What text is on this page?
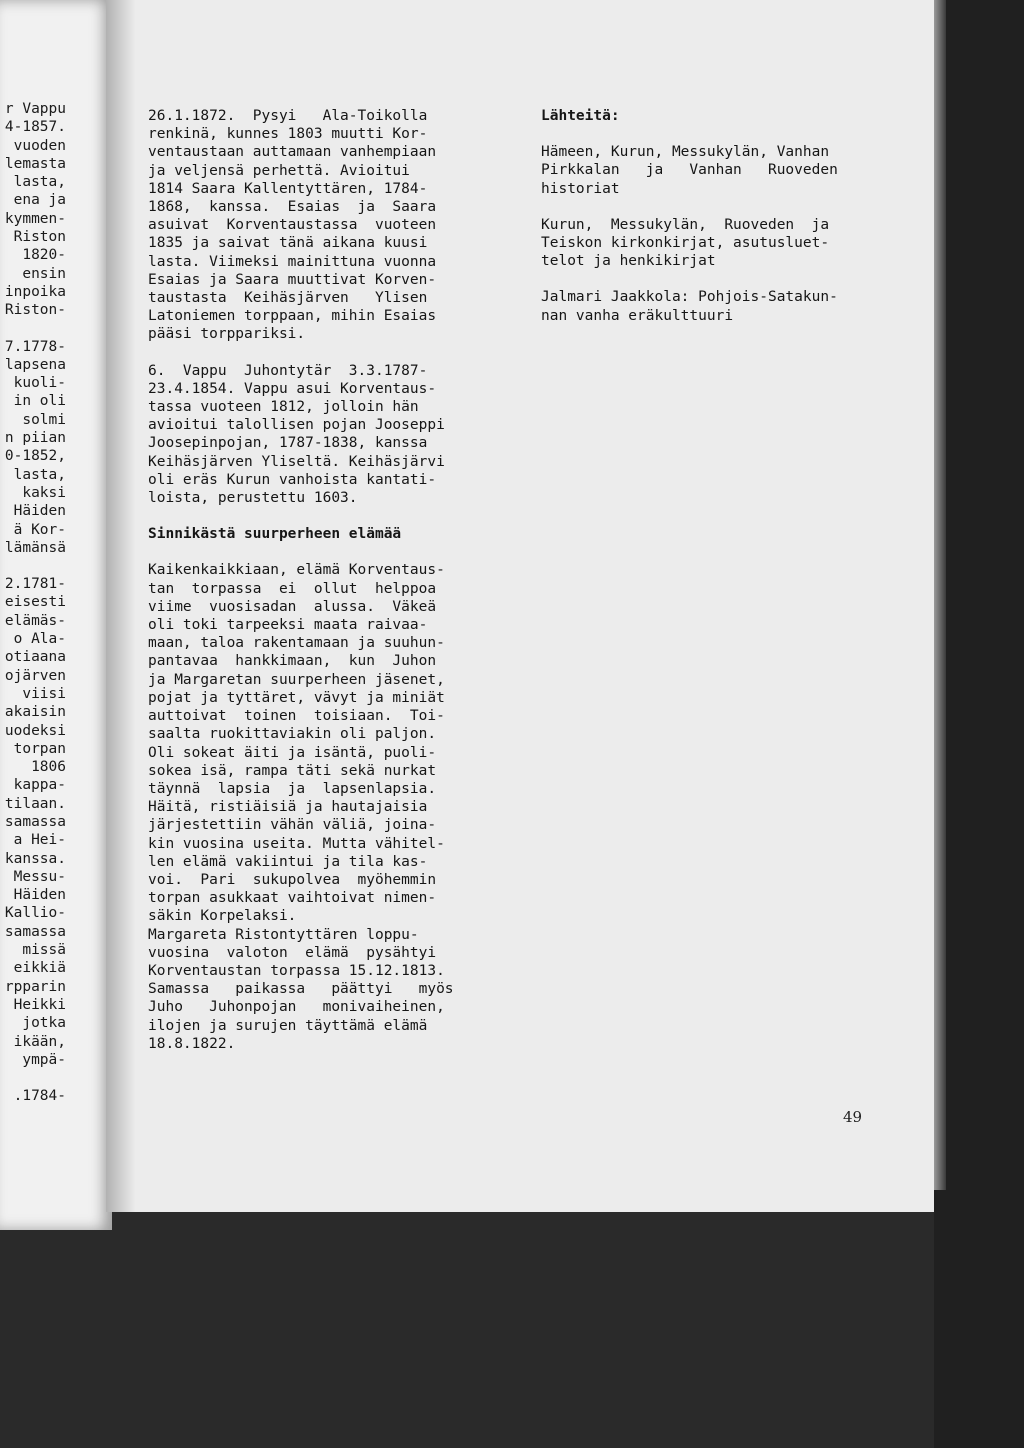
r Vappu
4-1857.
vuoden
lemasta
lasta,
ena ja
kymmen-
Riston
1820-
ensin
inpoika
Riston-
7.1778-
lapsena
kuoli-
in oli
solmi
n piian
0-1852,
lasta,
kaksi
Häiden
ä Kor-
lämänsä
2.1781-
eisesti
elämäs-
o Ala-
otiaana
ojärven
viisi
akaisin
uodeksi
torpan
1806
kappa-
tilaan.
samassa
a Hei-
kanssa.
Messu-
Häiden
Kallio-
samassa
missä
eikkiä
rpparin
Heikki
jotka
ikään,
ympä-
.1784-
26.1.1872.  Pysyi   Ala-Toikolla
renkinä, kunnes 1803 muutti Kor-
ventaustaan auttamaan vanhempiaan
ja veljensä perhettä. Avioitui
1814 Saara Kallentyttären, 1784-
1868,  kanssa.  Esaias  ja  Saara
asuivat  Korventaustassa  vuoteen
1835 ja saivat tänä aikana kuusi
lasta. Viimeksi mainittuna vuonna
Esaias ja Saara muuttivat Korven-
taustasta  Keihäsjärven   Ylisen
Latoniemen torppaan, mihin Esaias
pääsi torppariksi.
6.  Vappu  Juhontytär  3.3.1787-
23.4.1854. Vappu asui Korventaus-
tassa vuoteen 1812, jolloin hän
avioitui talollisen pojan Jooseppi
Joosepinpojan, 1787-1838, kanssa
Keihäsjärven Yliseltä. Keihäsjärvi
oli eräs Kurun vanhoista kantati-
loista, perustettu 1603.
Sinnikästä suurperheen elämää
Kaikenkaikkiaan, elämä Korventaus-
tan  torpassa  ei  ollut  helppoa
viime  vuosisadan  alussa.  Väkeä
oli toki tarpeeksi maata raivaa-
maan, taloa rakentamaan ja suuhun-
pantavaa  hankkimaan,  kun  Juhon
ja Margaretan suurperheen jäsenet,
pojat ja tyttäret, vävyt ja miniät
auttoivat  toinen  toisiaan.  Toi-
saalta ruokittaviakin oli paljon.
Oli sokeat äiti ja isäntä, puoli-
sokea isä, rampa täti sekä nurkat
täynnä  lapsia  ja  lapsenlapsia.
Häitä, ristiäisiä ja hautajaisia
järjestettiin vähän väliä, joina-
kin vuosina useita. Mutta vähitel-
len elämä vakiintui ja tila kas-
voi.  Pari  sukupolvea  myöhemmin
torpan asukkaat vaihtoivat nimen-
säkin Korpelaksi.
Margareta Ristontyttären loppu-
vuosina  valoton  elämä  pysähtyi
Korventaustan torpassa 15.12.1813.
Samassa   paikassa   päättyi   myös
Juho   Juhonpojan   monivaiheinen,
ilojen ja surujen täyttämä elämä
18.8.1822.
Lähteitä:
Hämeen, Kurun, Messukylän, Vanhan
Pirkkalan   ja   Vanhan   Ruoveden
historiat
Kurun,  Messukylän,  Ruoveden  ja
Teiskon kirkonkirjat, asutusluet-
telot ja henkikirjat
Jalmari Jaakkola: Pohjois-Satakun-
nan vanha eräkulttuuri
49
